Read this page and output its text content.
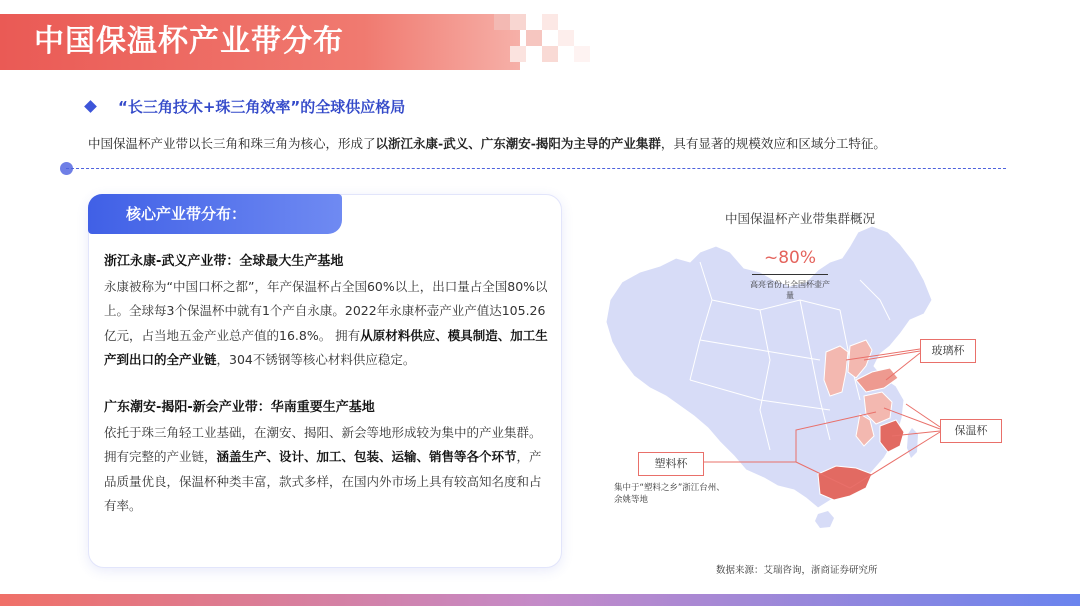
中国保温杯产业带分布
“长三角技术+珠三角效率”的全球供应格局
中国保温杯产业带以长三角和珠三角为核心，形成了以浙江永康-武义、广东潮安-揭阳为主导的产业集群，具有显著的规模效应和区域分工特征。
核心产业带分布：
浙江永康-武义产业带：全球最大生产基地
永康被称为“中国口杯之都”，年产保温杯占全国60%以上，出口量占全国80%以上。全球每3个保温杯中就有1个产自永康。2022年永康杯壶产业产值达105.26亿元，占当地五金产业总产值的16.8%。 拥有从原材料供应、模具制造、加工生产到出口的全产业链，304不锈钢等核心材料供应稳定。
广东潮安-揭阳-新会产业带：华南重要生产基地
依托于珠三角轻工业基础，在潮安、揭阳、新会等地形成较为集中的产业集群。拥有完整的产业链，涵盖生产、设计、加工、包装、运输、销售等各个环节，产品质量优良，保温杯种类丰富，款式多样，在国内外市场上具有较高知名度和占有率。
中国保温杯产业带集群概况
~80%
高亮省份占全国杯壶产量
玻璃杯
保温杯
塑料杯
集中于“塑料之乡”浙江台州、余姚等地
数据来源：艾瑞咨询，浙商证券研究所
